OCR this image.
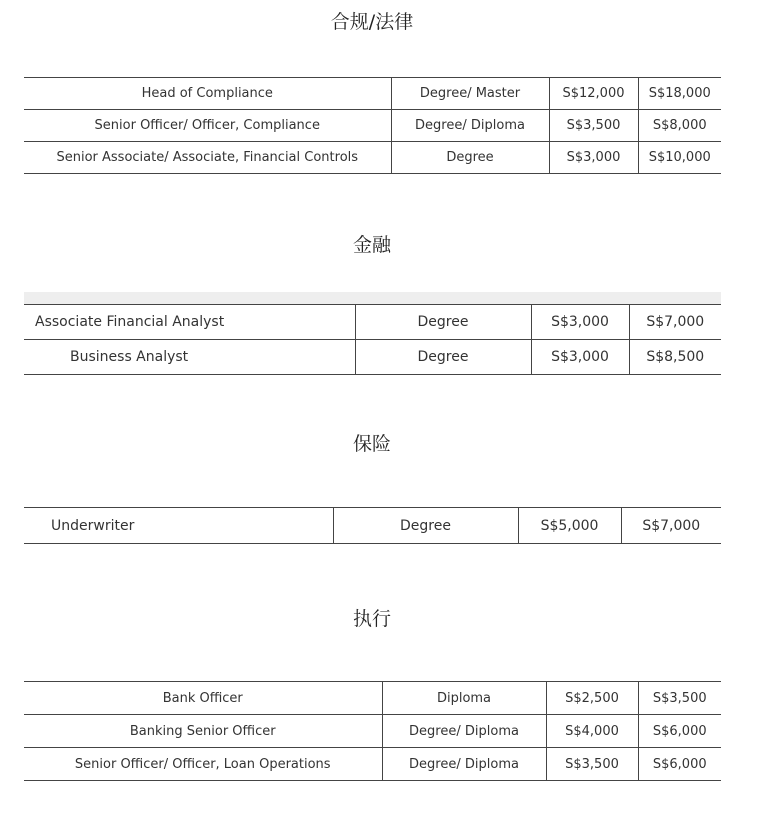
合规/法律
Head of Compliance	Degree/ Master	S$12,000	S$18,000
Senior Officer/ Officer, Compliance	Degree/ Diploma	S$3,500	S$8,000
Senior Associate/ Associate, Financial Controls	Degree	S$3,000	S$10,000
金融
Associate Financial Analyst	Degree	S$3,000	S$7,000
Business Analyst	Degree	S$3,000	S$8,500
保险
Underwriter	Degree	S$5,000	S$7,000
执行
Bank Officer	Diploma	S$2,500	S$3,500
Banking Senior Officer	Degree/ Diploma	S$4,000	S$6,000
Senior Officer/ Officer, Loan Operations	Degree/ Diploma	S$3,500	S$6,000
